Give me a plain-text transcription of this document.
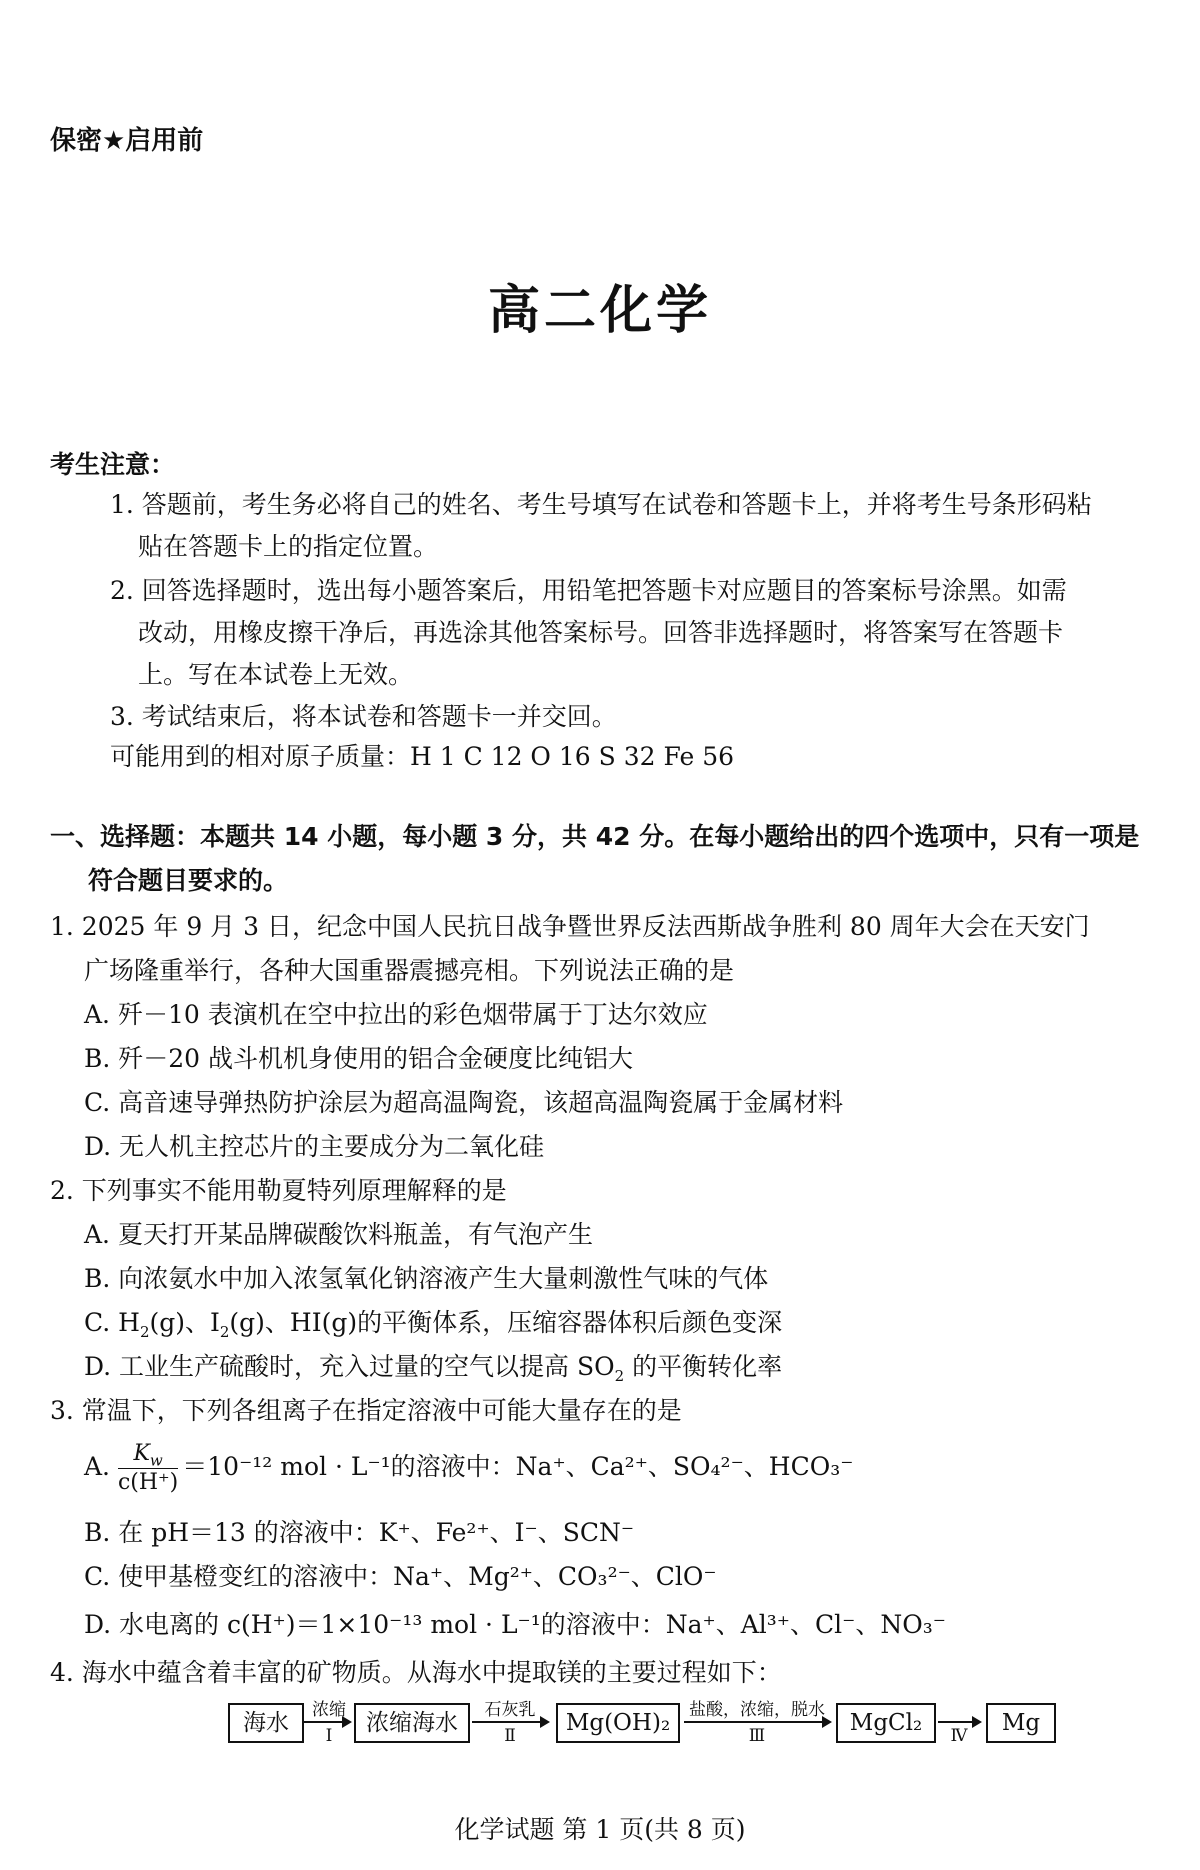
保密★启用前
高二化学
考生注意：
1. 答题前，考生务必将自己的姓名、考生号填写在试卷和答题卡上，并将考生号条形码粘
贴在答题卡上的指定位置。
2. 回答选择题时，选出每小题答案后，用铅笔把答题卡对应题目的答案标号涂黑。如需
改动，用橡皮擦干净后，再选涂其他答案标号。回答非选择题时，将答案写在答题卡
上。写在本试卷上无效。
3. 考试结束后，将本试卷和答题卡一并交回。
可能用到的相对原子质量：H 1 C 12 O 16 S 32 Fe 56
一、选择题：本题共 14 小题，每小题 3 分，共 42 分。在每小题给出的四个选项中，只有一项是
符合题目要求的。
1. 2025 年 9 月 3 日，纪念中国人民抗日战争暨世界反法西斯战争胜利 80 周年大会在天安门
广场隆重举行，各种大国重器震撼亮相。下列说法正确的是
A. 歼－10 表演机在空中拉出的彩色烟带属于丁达尔效应
B. 歼－20 战斗机机身使用的铝合金硬度比纯铝大
C. 高音速导弹热防护涂层为超高温陶瓷，该超高温陶瓷属于金属材料
D. 无人机主控芯片的主要成分为二氧化硅
2. 下列事实不能用勒夏特列原理解释的是
A. 夏天打开某品牌碳酸饮料瓶盖，有气泡产生
B. 向浓氨水中加入浓氢氧化钠溶液产生大量刺激性气味的气体
C. $H_2(g)$、$I_2(g)$、HI(g)的平衡体系，压缩容器体积后颜色变深
D. 工业生产硫酸时，充入过量的空气以提高 $SO_2$ 的平衡转化率
3. 常温下，下列各组离子在指定溶液中可能大量存在的是
A. $\frac{K_w}{c(H^+)} =10^{-12}$ mol · L⁻¹的溶液中：Na⁺、Ca²⁺、SO₄²⁻、HCO₃⁻
B. 在 pH＝13 的溶液中：K⁺、Fe²⁺、I⁻、SCN⁻
C. 使甲基橙变红的溶液中：Na⁺、Mg²⁺、CO₃²⁻、ClO⁻
D. 水电离的 c(H⁺)＝1×10⁻¹³ mol · L⁻¹的溶液中：Na⁺、Al³⁺、Cl⁻、NO₃⁻
4. 海水中蕴含着丰富的矿物质。从海水中提取镁的主要过程如下：
海水	浓缩
Ⅰ	浓缩海水	石灰乳
Ⅱ	Mg(OH)₂	盐酸，浓缩，脱水
Ⅲ	MgCl₂	Ⅳ	Mg
化学试题 第 1 页(共 8 页)
